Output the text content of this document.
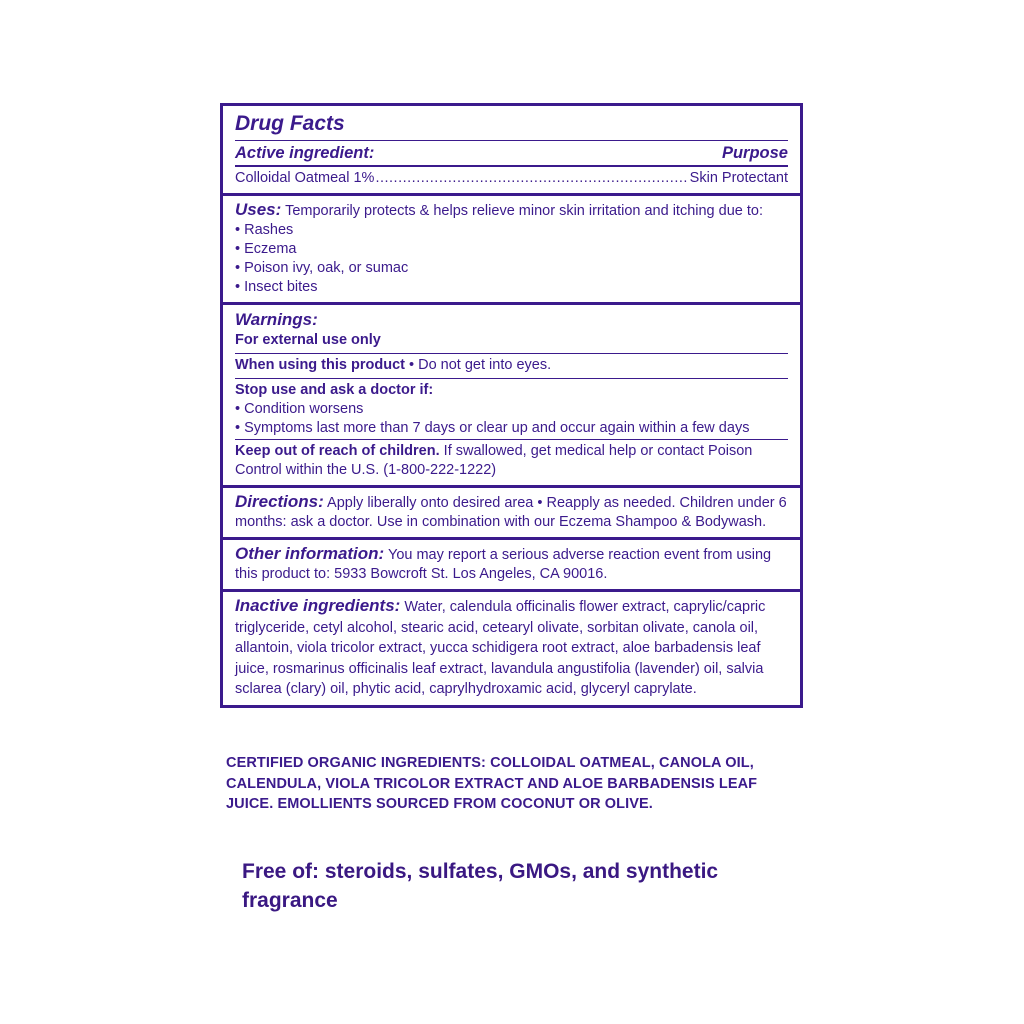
Drug Facts
Active ingredient:	Purpose
Colloidal Oatmeal 1%
.....	Skin Protectant
Uses: Temporarily protects & helps relieve minor skin irritation and itching due to:
• Rashes
• Eczema
• Poison ivy, oak, or sumac
• Insect bites
Warnings:
For external use only
When using this product • Do not get into eyes.
Stop use and ask a doctor if:
• Condition worsens
• Symptoms last more than 7 days or clear up and occur again within a few days
Keep out of reach of children. If swallowed, get medical help or contact Poison Control within the U.S. (1-800-222-1222)
Directions: Apply liberally onto desired area • Reapply as needed. Children under 6 months: ask a doctor. Use in combination with our Eczema Shampoo & Bodywash.
Other information: You may report a serious adverse reaction event from using this product to: 5933 Bowcroft St. Los Angeles, CA 90016.
Inactive ingredients: Water, calendula officinalis flower extract, caprylic/capric triglyceride, cetyl alcohol, stearic acid, cetearyl olivate, sorbitan olivate, canola oil, allantoin, viola tricolor extract, yucca schidigera root extract, aloe barbadensis leaf juice, rosmarinus officinalis leaf extract, lavandula angustifolia (lavender) oil, salvia sclarea (clary) oil, phytic acid, caprylhydroxamic acid, glyceryl caprylate.
CERTIFIED ORGANIC INGREDIENTS: COLLOIDAL OATMEAL, CANOLA OIL, CALENDULA, VIOLA TRICOLOR EXTRACT AND ALOE BARBADENSIS LEAF JUICE. EMOLLIENTS SOURCED FROM COCONUT OR OLIVE.
Free of: steroids, sulfates, GMOs, and synthetic fragrance
